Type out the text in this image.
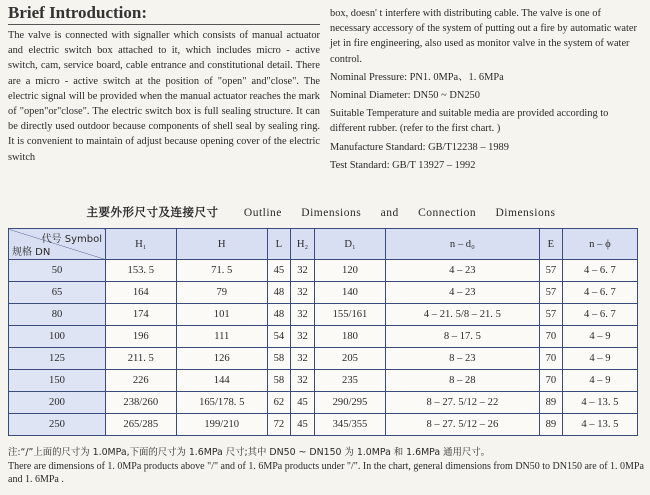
Brief Introduction:

The valve is connected with signaller which consists of manual actuator and electric switch box attached to it, which includes micro - active switch, cam, service board, cable entrance and constitutional detail. There are a micro - active switch at the position of "open" and"close". The electric signal will be provided when the manual actuator reaches the mark of "open"or"close". The electric switch box is full sealing structure. It can be directly used outdoor because components of shell seal by sealing ring. It is convenient to maintain of adjust because opening cover of the electric switch

box, doesn' t interfere with distributing cable. The valve is one of necessary accessory of the system of putting out a fire by automatic water jet in fire engineering, also used as monitor valve in the system of water control.

Nominal Pressure: PN1. 0MPa、1. 6MPa

Nominal Diameter: DN50 ~ DN250

Suitable Temperature and suitable media are provided according to different rubber. (refer to the first chart. )

Manufacture Standard: GB/T12238 – 1989

Test Standard: GB/T 13927 – 1992

主要外形尺寸及连接尺寸 Outline Dimensions and Connection Dimensions
代号 Symbol
规格 DN	H₁	H	L	H₂	D₁	n – d₀	E	n – ϕ
50	153. 5	71. 5	45	32	120	4 – 23	57	4 – 6. 7
65	164	79	48	32	140	4 – 23	57	4 – 6. 7
80	174	101	48	32	155/161	4 – 21. 5/8 – 21. 5	57	4 – 6. 7
100	196	111	54	32	180	8 – 17. 5	70	4 – 9
125	211. 5	126	58	32	205	8 – 23	70	4 – 9
150	226	144	58	32	235	8 – 28	70	4 – 9
200	238/260	165/178. 5	62	45	290/295	8 – 27. 5/12 – 22	89	4 – 13. 5
250	265/285	199/210	72	45	345/355	8 – 27. 5/12 – 26	89	4 – 13. 5
注:“/”上面的尺寸为 1.0MPa,下面的尺寸为 1.6MPa 尺寸;其中 DN50 ~ DN150 为 1.0MPa 和 1.6MPa 通用尺寸。
There are dimensions of 1. 0MPa products above "/" and of 1. 6MPa products under "/". In the chart, general dimensions from DN50 to DN150 are of 1. 0MPa and 1. 6MPa .
